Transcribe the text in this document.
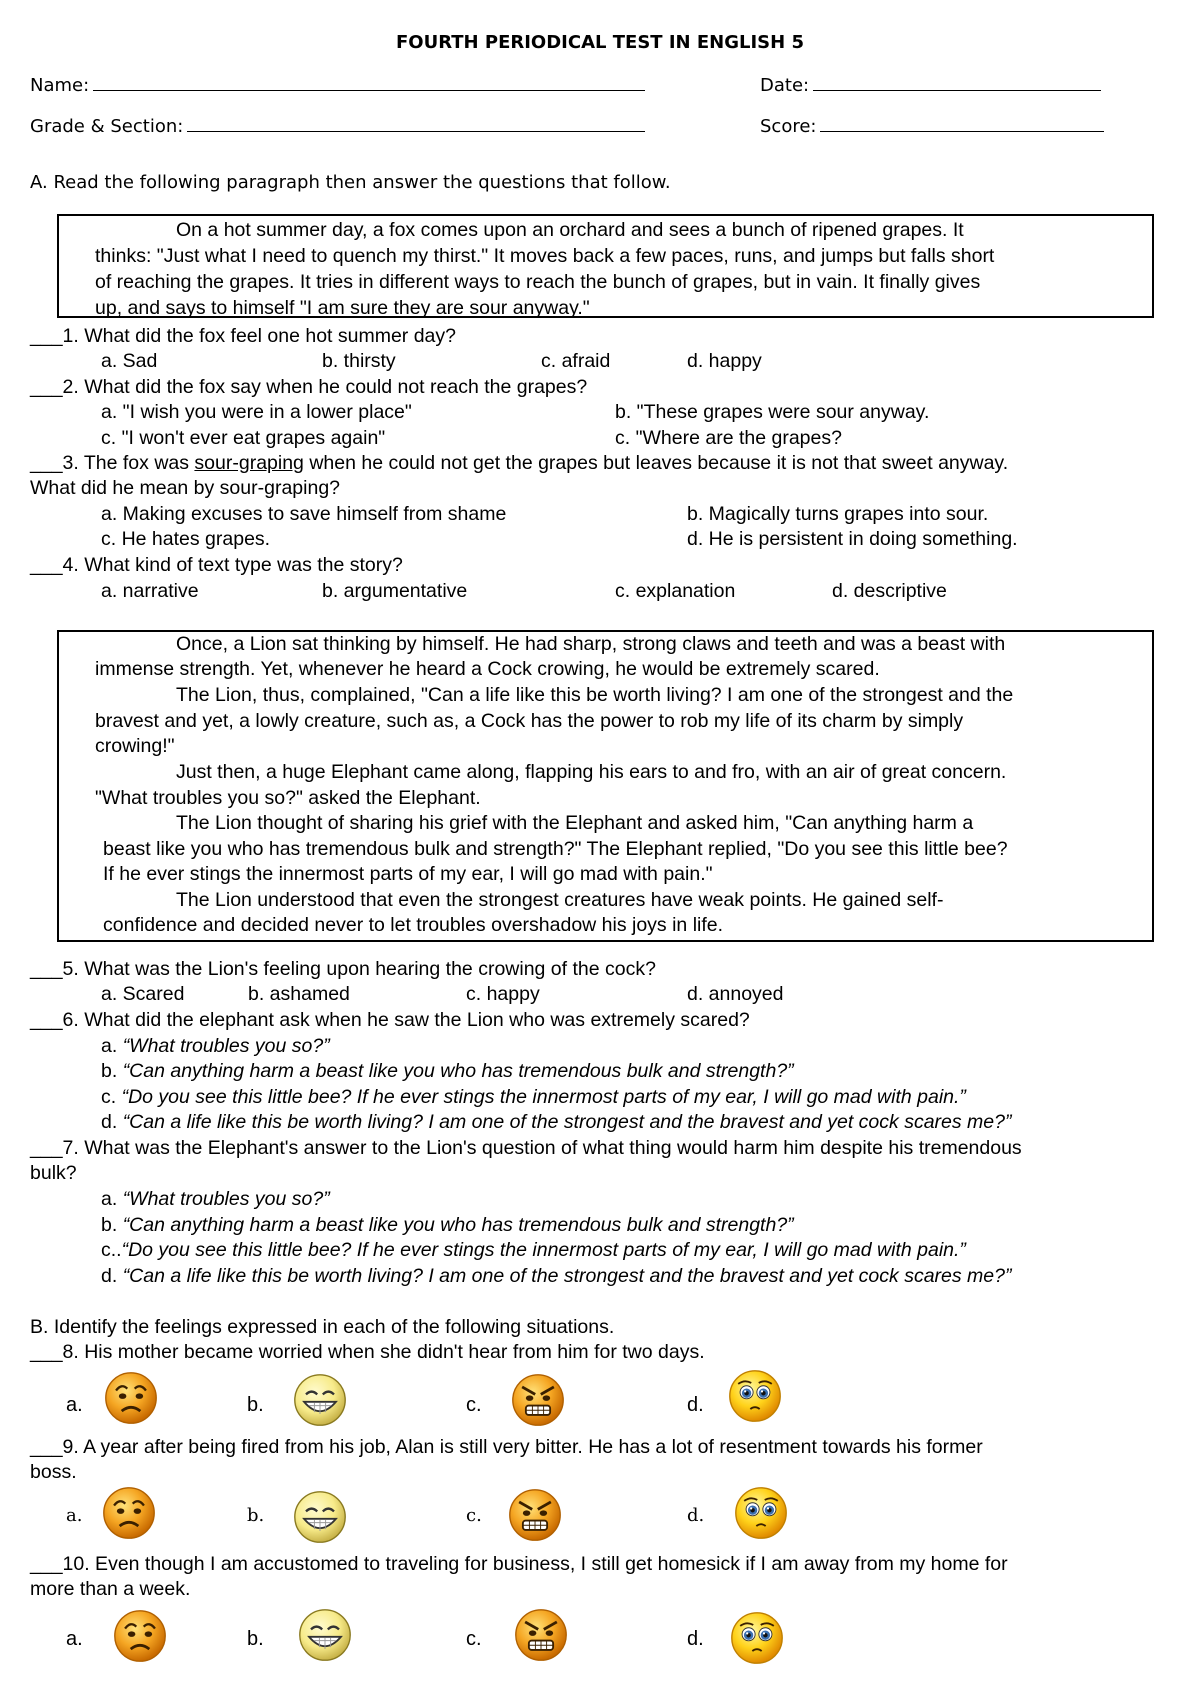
FOURTH PERIODICAL TEST IN ENGLISH 5
Name:	Date:
Grade & Section:	Score:
A. Read the following paragraph then answer the questions that follow.
On a hot summer day, a fox comes upon an orchard and sees a bunch of ripened grapes. It
thinks: "Just what I need to quench my thirst." It moves back a few paces, runs, and jumps but falls short
of reaching the grapes. It tries in different ways to reach the bunch of grapes, but in vain. It finally gives
up, and says to himself "I am sure they are sour anyway."
___1. What did the fox feel one hot summer day?
a. Sad	b. thirsty	c. afraid	d. happy
___2. What did the fox say when he could not reach the grapes?
a. "I wish you were in a lower place"	b. "These grapes were sour anyway.
c. "I won't ever eat grapes again"	c. "Where are the grapes?
___3. The fox was sour-graping when he could not get the grapes but leaves because it is not that sweet anyway.
What did he mean by sour-graping?
a. Making excuses to save himself from shame	b. Magically turns grapes into sour.
c. He hates grapes.	d. He is persistent in doing something.
___4. What kind of text type was the story?
a. narrative	b. argumentative	c. explanation	d. descriptive
Once, a Lion sat thinking by himself. He had sharp, strong claws and teeth and was a beast with
immense strength. Yet, whenever he heard a Cock crowing, he would be extremely scared.
The Lion, thus, complained, "Can a life like this be worth living? I am one of the strongest and the
bravest and yet, a lowly creature, such as, a Cock has the power to rob my life of its charm by simply
crowing!"
Just then, a huge Elephant came along, flapping his ears to and fro, with an air of great concern.
"What troubles you so?" asked the Elephant.
The Lion thought of sharing his grief with the Elephant and asked him, "Can anything harm a
beast like you who has tremendous bulk and strength?" The Elephant replied, "Do you see this little bee?
If he ever stings the innermost parts of my ear, I will go mad with pain."
The Lion understood that even the strongest creatures have weak points. He gained self-
confidence and decided never to let troubles overshadow his joys in life.
___5. What was the Lion's feeling upon hearing the crowing of the cock?
a. Scared	b. ashamed	c. happy	d. annoyed
___6. What did the elephant ask when he saw the Lion who was extremely scared?
a. “What troubles you so?”
b. “Can anything harm a beast like you who has tremendous bulk and strength?”
c. “Do you see this little bee? If he ever stings the innermost parts of my ear, I will go mad with pain.”
d. “Can a life like this be worth living? I am one of the strongest and the bravest and yet cock scares me?”
___7. What was the Elephant's answer to the Lion's question of what thing would harm him despite his tremendous
bulk?
a. “What troubles you so?”
b. “Can anything harm a beast like you who has tremendous bulk and strength?”
c..“Do you see this little bee? If he ever stings the innermost parts of my ear, I will go mad with pain.”
d. “Can a life like this be worth living? I am one of the strongest and the bravest and yet cock scares me?”
B. Identify the feelings expressed in each of the following situations.
___8. His mother became worried when she didn't hear from him for two days.
a.	b.	c.	d.
___9. A year after being fired from his job, Alan is still very bitter. He has a lot of resentment towards his former
boss.
a.	b.	c.	d.
___10. Even though I am accustomed to traveling for business, I still get homesick if I am away from my home for
more than a week.
a.	b.	c.	d.
